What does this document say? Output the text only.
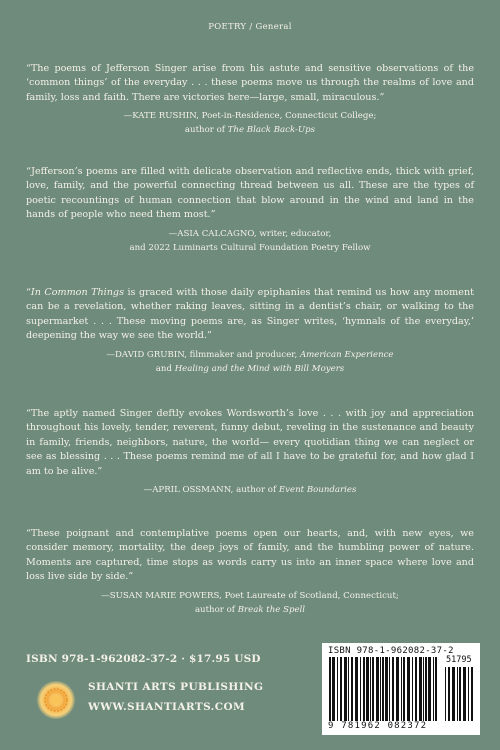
POETRY / General

“The poems of Jefferson Singer arise from his astute and sensitive observations of the ‘common things’ of the everyday . . . these poems move us through the realms of love and family, loss and faith. There are victories here—large, small, miraculous.”

—KATE RUSHIN, Poet-in-Residence, Connecticut College;
author of The Black Back-Ups

“Jefferson’s poems are filled with delicate observation and reflective ends, thick with grief, love, family, and the powerful connecting thread between us all. These are the types of poetic recountings of human connection that blow around in the wind and land in the hands of people who need them most.”

—ASIA CALCAGNO, writer, educator,
and 2022 Luminarts Cultural Foundation Poetry Fellow

“In Common Things is graced with those daily epiphanies that remind us how any moment can be a revelation, whether raking leaves, sitting in a dentist’s chair, or walking to the supermarket . . . These moving poems are, as Singer writes, ‘hymnals of the everyday,’ deepening the way we see the world.”

—DAVID GRUBIN, filmmaker and producer, American Experience
and Healing and the Mind with Bill Moyers

“The aptly named Singer deftly evokes Wordsworth’s love . . . with joy and appreciation throughout his lovely, tender, reverent, funny debut, reveling in the sustenance and beauty in family, friends, neighbors, nature, the world— every quotidian thing we can neglect or see as blessing . . . These poems remind me of all I have to be grateful for, and how glad I am to be alive.”

—APRIL OSSMANN, author of Event Boundaries

“These poignant and contemplative poems open our hearts, and, with new eyes, we consider memory, mortality, the deep joys of family, and the humbling power of nature. Moments are captured, time stops as words carry us into an inner space where love and loss live side by side.”

—SUSAN MARIE POWERS, Poet Laureate of Scotland, Connecticut;
author of Break the Spell

ISBN 978-1-962082-37-2 · $17.95 USD
SHANTI ARTS PUBLISHING
WWW.SHANTIARTS.COM
ISBN 978-1-962082-37-2
51795
9 781962 082372
